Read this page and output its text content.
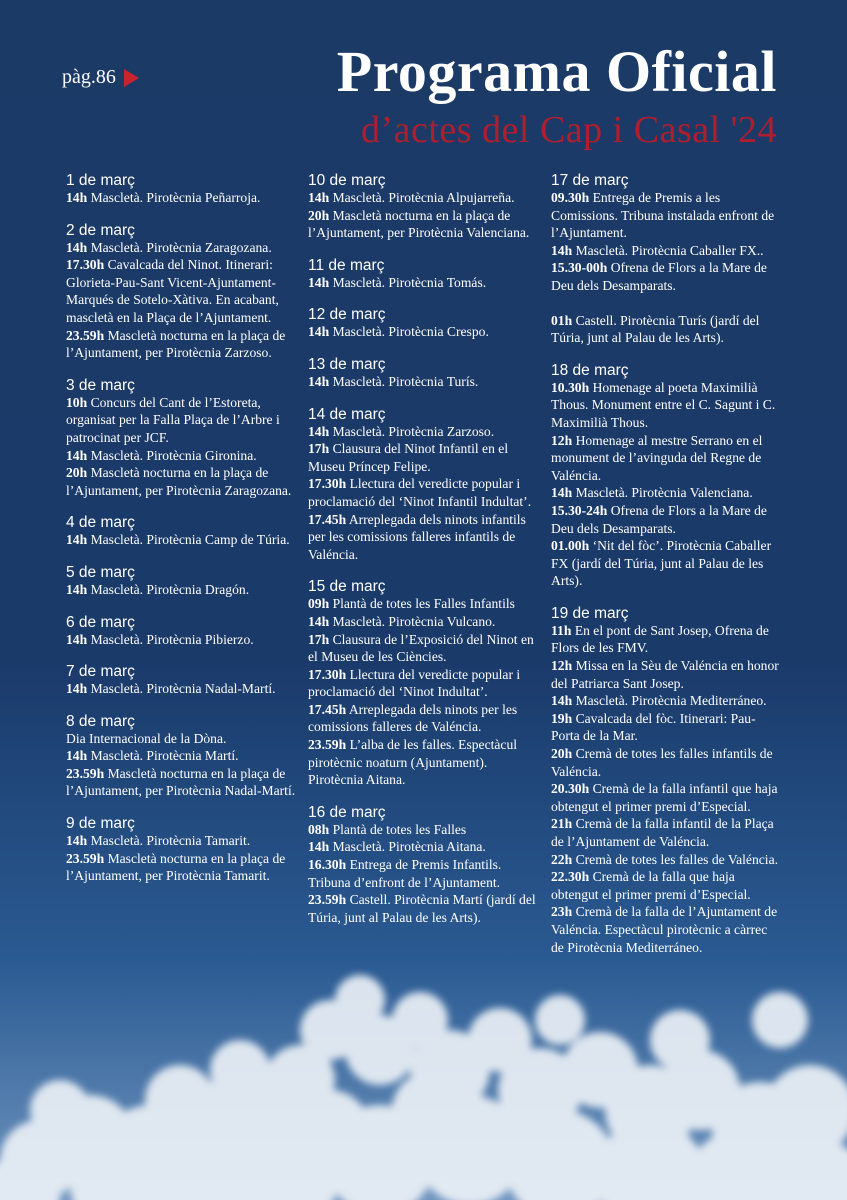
pàg.86	Programa Oficial
d’actes del Cap i Casal '24
1 de març

14h Mascletà. Pirotècnia Peñarroja.

2 de març

14h Mascletà. Pirotècnia Zaragozana.

17.30h Cavalcada del Ninot. Itinerari: Glorieta-Pau-Sant Vicent-Ajuntament-Marqués de Sotelo-Xàtiva. En acabant, mascletà en la Plaça de l’Ajuntament.

23.59h Mascletà nocturna en la plaça de l’Ajuntament, per Pirotècnia Zarzoso.

3 de març

10h Concurs del Cant de l’Estoreta, organisat per la Falla Plaça de l’Arbre i patrocinat per JCF.

14h Mascletà. Pirotècnia Gironina.

20h Mascletà nocturna en la plaça de l’Ajuntament, per Pirotècnia Zaragozana.

4 de març

14h Mascletà. Pirotècnia Camp de Túria.

5 de març

14h Mascletà. Pirotècnia Dragón.

6 de març

14h Mascletà. Pirotècnia Pibierzo.

7 de març

14h Mascletà. Pirotècnia Nadal-Martí.

8 de març

Dia Internacional de la Dòna.

14h Mascletà. Pirotècnia Martí.

23.59h Mascletà nocturna en la plaça de l’Ajuntament, per Pirotècnia Nadal-Martí.

9 de març

14h Mascletà. Pirotècnia Tamarit.

23.59h Mascletà nocturna en la plaça de l’Ajuntament, per Pirotècnia Tamarit.

10 de març

14h Mascletà. Pirotècnia Alpujarreña.

20h Mascletà nocturna en la plaça de l’Ajuntament, per Pirotècnia Valenciana.

11 de març

14h Mascletà. Pirotècnia Tomás.

12 de març

14h Mascletà. Pirotècnia Crespo.

13 de març

14h Mascletà. Pirotècnia Turís.

14 de març

14h Mascletà. Pirotècnia Zarzoso.

17h Clausura del Ninot Infantil en el Museu Príncep Felipe.

17.30h Llectura del veredicte popular i proclamació del ‘Ninot Infantil Indultat’.

17.45h Arreplegada dels ninots infantils per les comissions falleres infantils de Valéncia.

15 de març

09h Plantà de totes les Falles Infantils

14h Mascletà. Pirotècnia Vulcano.

17h Clausura de l’Exposició del Ninot en el Museu de les Ciències.

17.30h Llectura del veredicte popular i proclamació del ‘Ninot Indultat’.

17.45h Arreplegada dels ninots per les comissions falleres de Valéncia.

23.59h L’alba de les falles. Espectàcul pirotècnic noaturn (Ajuntament). Pirotècnia Aitana.

16 de març

08h Plantà de totes les Falles

14h Mascletà. Pirotècnia Aitana.

16.30h Entrega de Premis Infantils. Tribuna d’enfront de l’Ajuntament.

23.59h Castell. Pirotècnia Martí (jardí del Túria, junt al Palau de les Arts).

17 de març

09.30h Entrega de Premis a les Comissions. Tribuna instalada enfront de l’Ajuntament.

14h Mascletà. Pirotècnia Caballer FX..

15.30-00h Ofrena de Flors a la Mare de Deu dels Desamparats.

01h Castell. Pirotècnia Turís (jardí del Túria, junt al Palau de les Arts).

18 de març

10.30h Homenage al poeta Maximilià Thous. Monument entre el C. Sagunt i C. Maximilià Thous.

12h Homenage al mestre Serrano en el monument de l’avinguda del Regne de Valéncia.

14h Mascletà. Pirotècnia Valenciana.

15.30-24h Ofrena de Flors a la Mare de Deu dels Desamparats.

01.00h ‘Nit del fòc’. Pirotècnia Caballer FX (jardí del Túria, junt al Palau de les Arts).

19 de març

11h En el pont de Sant Josep, Ofrena de Flors de les FMV.

12h Missa en la Sèu de Valéncia en honor del Patriarca Sant Josep.

14h Mascletà. Pirotècnia Mediterráneo.

19h Cavalcada del fòc. Itinerari: Pau-Porta de la Mar.

20h Cremà de totes les falles infantils de Valéncia.

20.30h Cremà de la falla infantil que haja obtengut el primer premi d’Especial.

21h Cremà de la falla infantil de la Plaça de l’Ajuntament de Valéncia.

22h Cremà de totes les falles de Valéncia.

22.30h Cremà de la falla que haja obtengut el primer premi d’Especial.

23h Cremà de la falla de l’Ajuntament de Valéncia. Espectàcul pirotècnic a càrrec de Pirotècnia Mediterráneo.
